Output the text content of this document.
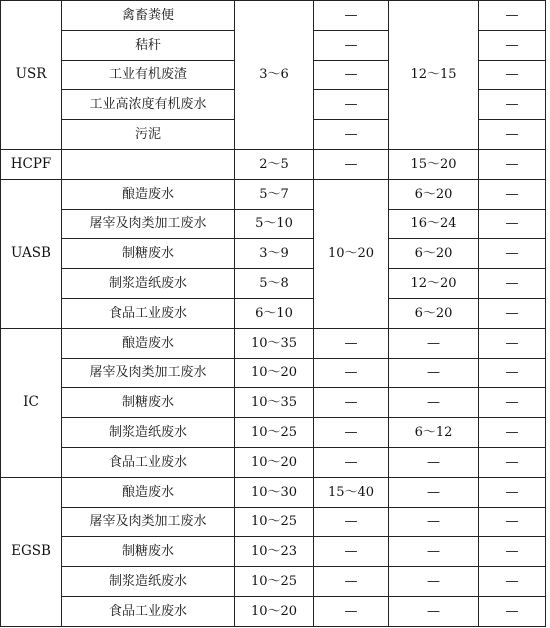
USR	禽畜粪便	3～6	—	12～15	—
	秸秆		—		—
	工业有机废渣		—		—
	工业高浓度有机废水		—		—
	污泥		—		—
HCPF		2～5	—	15～20	—
UASB	酿造废水	5～7	10～20	6～20	—
	屠宰及肉类加工废水	5～10		16～24	—
	制糖废水	3～9		6～20	—
	制浆造纸废水	5～8		12～20	—
	食品工业废水	6～10		6～20	—
IC	酿造废水	10～35	—	—	—
	屠宰及肉类加工废水	10～20	—	—	—
	制糖废水	10～35	—	—	—
	制浆造纸废水	10～25	—	6～12	—
	食品工业废水	10～20	—	—	—
EGSB	酿造废水	10～30	15～40	—	—
	屠宰及肉类加工废水	10～25	—	—	—
	制糖废水	10～23	—	—	—
	制浆造纸废水	10～25	—	—	—
	食品工业废水	10～20	—	—	—
